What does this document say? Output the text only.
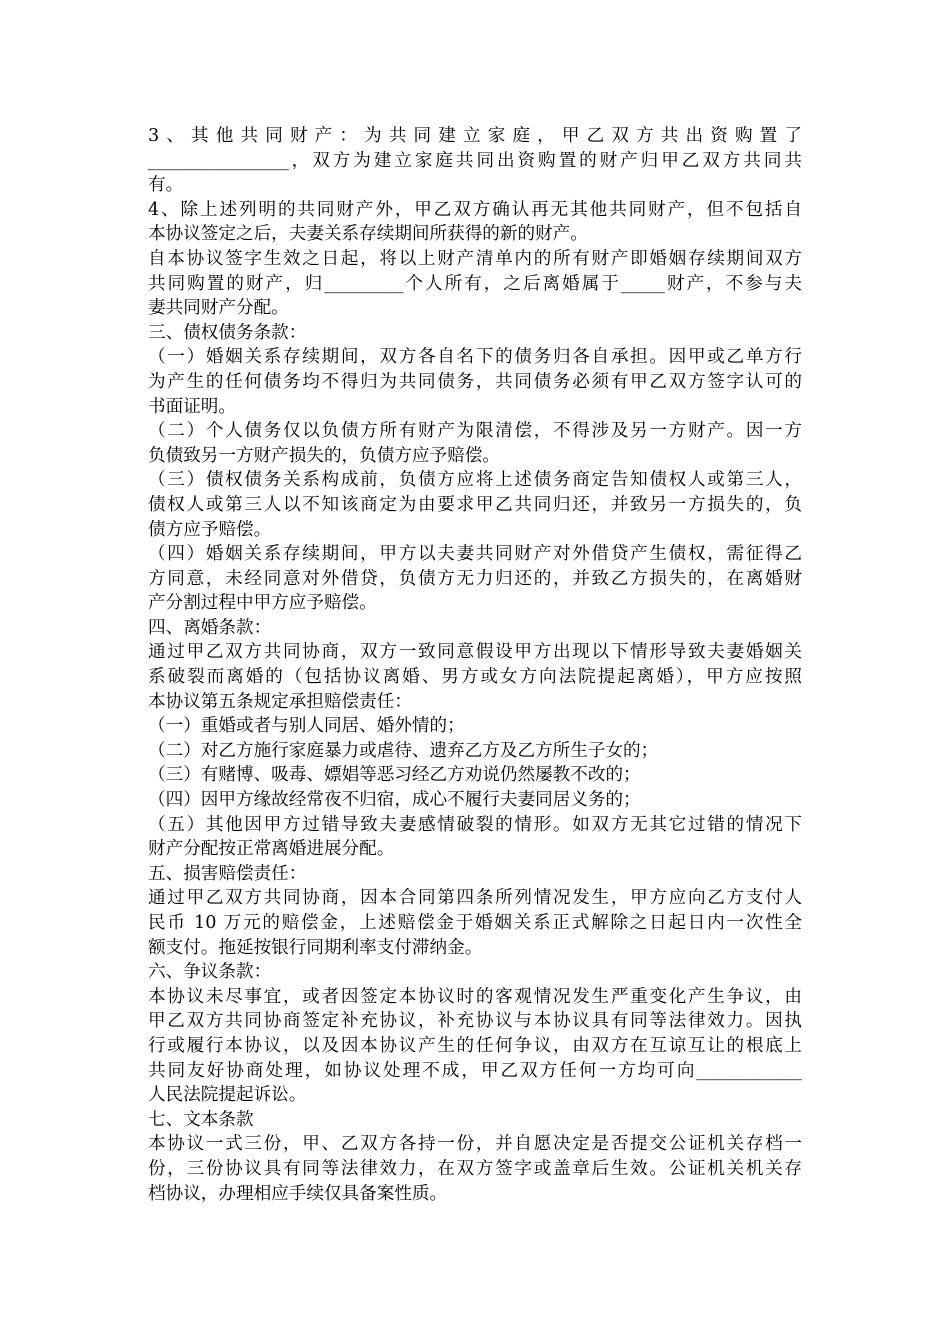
3、其他共同财产：为共同建立家庭，甲乙双方共出资购置了

________________，双方为建立家庭共同出资购置的财产归甲乙双方共同共

有。

4、除上述列明的共同财产外，甲乙双方确认再无其他共同财产，但不包括自

本协议签定之后，夫妻关系存续期间所获得的新的财产。

自本协议签字生效之日起，将以上财产清单内的所有财产即婚姻存续期间双方

共同购置的财产，归_________个人所有，之后离婚属于_____财产，不参与夫

妻共同财产分配。

三、债权债务条款：

（一）婚姻关系存续期间，双方各自名下的债务归各自承担。因甲或乙单方行

为产生的任何债务均不得归为共同债务，共同债务必须有甲乙双方签字认可的

书面证明。

（二）个人债务仅以负债方所有财产为限清偿，不得涉及另一方财产。因一方

负债致另一方财产损失的，负债方应予赔偿。

（三）债权债务关系构成前，负债方应将上述债务商定告知债权人或第三人，

债权人或第三人以不知该商定为由要求甲乙共同归还，并致另一方损失的，负

债方应予赔偿。

（四）婚姻关系存续期间，甲方以夫妻共同财产对外借贷产生债权，需征得乙

方同意，未经同意对外借贷，负债方无力归还的，并致乙方损失的，在离婚财

产分割过程中甲方应予赔偿。

四、离婚条款：

通过甲乙双方共同协商，双方一致同意假设甲方出现以下情形导致夫妻婚姻关

系破裂而离婚的（包括协议离婚、男方或女方向法院提起离婚），甲方应按照

本协议第五条规定承担赔偿责任：

（一）重婚或者与别人同居、婚外情的；

（二）对乙方施行家庭暴力或虐待、遗弃乙方及乙方所生子女的；

（三）有赌博、吸毒、嫖娼等恶习经乙方劝说仍然屡教不改的；

（四）因甲方缘故经常夜不归宿，成心不履行夫妻同居义务的；

（五）其他因甲方过错导致夫妻感情破裂的情形。如双方无其它过错的情况下

财产分配按正常离婚进展分配。

五、损害赔偿责任：

通过甲乙双方共同协商，因本合同第四条所列情况发生，甲方应向乙方支付人

民币 10 万元的赔偿金，上述赔偿金于婚姻关系正式解除之日起日内一次性全

额支付。拖延按银行同期利率支付滞纳金。

六、争议条款：

本协议未尽事宜，或者因签定本协议时的客观情况发生严重变化产生争议，由

甲乙双方共同协商签定补充协议，补充协议与本协议具有同等法律效力。因执

行或履行本协议，以及因本协议产生的任何争议，由双方在互谅互让的根底上

共同友好协商处理，如协议处理不成，甲乙双方任何一方均可向____________

人民法院提起诉讼。

七、文本条款

本协议一式三份，甲、乙双方各持一份，并自愿决定是否提交公证机关存档一

份，三份协议具有同等法律效力，在双方签字或盖章后生效。公证机关机关存

档协议，办理相应手续仅具备案性质。
